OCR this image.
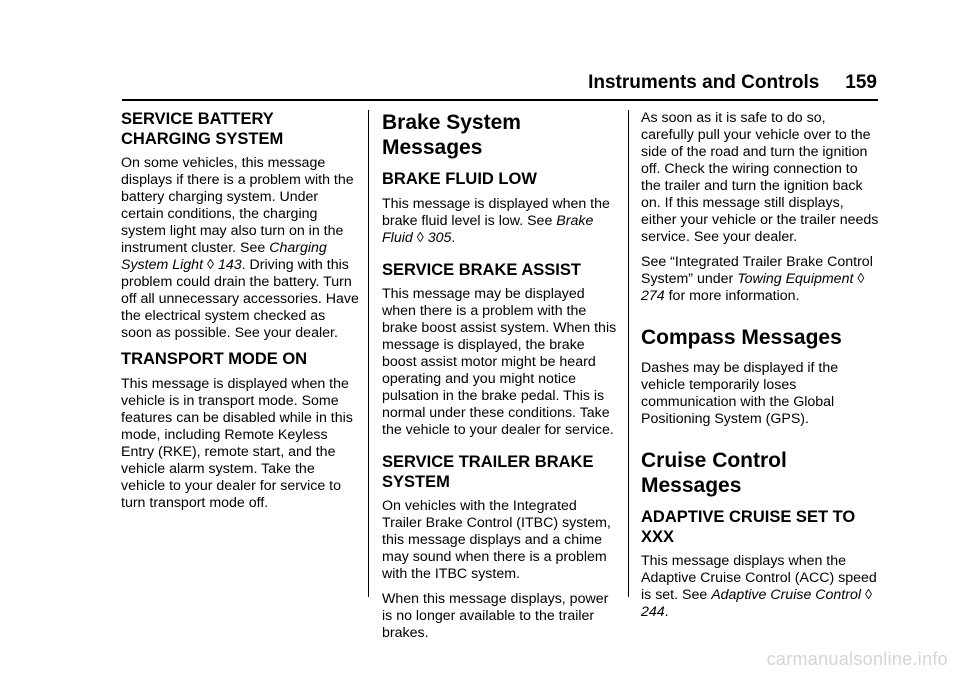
Instruments and Controls 159
SERVICE BATTERY CHARGING SYSTEM

On some vehicles, this message displays if there is a problem with the battery charging system. Under certain conditions, the charging system light may also turn on in the instrument cluster. See Charging System Light ◊ 143. Driving with this problem could drain the battery. Turn off all unnecessary accessories. Have the electrical system checked as soon as possible. See your dealer.

TRANSPORT MODE ON

This message is displayed when the vehicle is in transport mode. Some features can be disabled while in this mode, including Remote Keyless Entry (RKE), remote start, and the vehicle alarm system. Take the vehicle to your dealer for service to turn transport mode off.

Brake System Messages
BRAKE FLUID LOW

This message is displayed when the brake fluid level is low. See Brake Fluid ◊ 305.

SERVICE BRAKE ASSIST

This message may be displayed when there is a problem with the brake boost assist system. When this message is displayed, the brake boost assist motor might be heard operating and you might notice pulsation in the brake pedal. This is normal under these conditions. Take the vehicle to your dealer for service.

SERVICE TRAILER BRAKE SYSTEM

On vehicles with the Integrated Trailer Brake Control (ITBC) system, this message displays and a chime may sound when there is a problem with the ITBC system.

When this message displays, power is no longer available to the trailer brakes.

As soon as it is safe to do so, carefully pull your vehicle over to the side of the road and turn the ignition off. Check the wiring connection to the trailer and turn the ignition back on. If this message still displays, either your vehicle or the trailer needs service. See your dealer.

See “Integrated Trailer Brake Control System” under Towing Equipment ◊ 274 for more information.

Compass Messages

Dashes may be displayed if the vehicle temporarily loses communication with the Global Positioning System (GPS).

Cruise Control Messages
ADAPTIVE CRUISE SET TO XXX

This message displays when the Adaptive Cruise Control (ACC) speed is set. See Adaptive Cruise Control ◊ 244.

carmanualsonline.info
